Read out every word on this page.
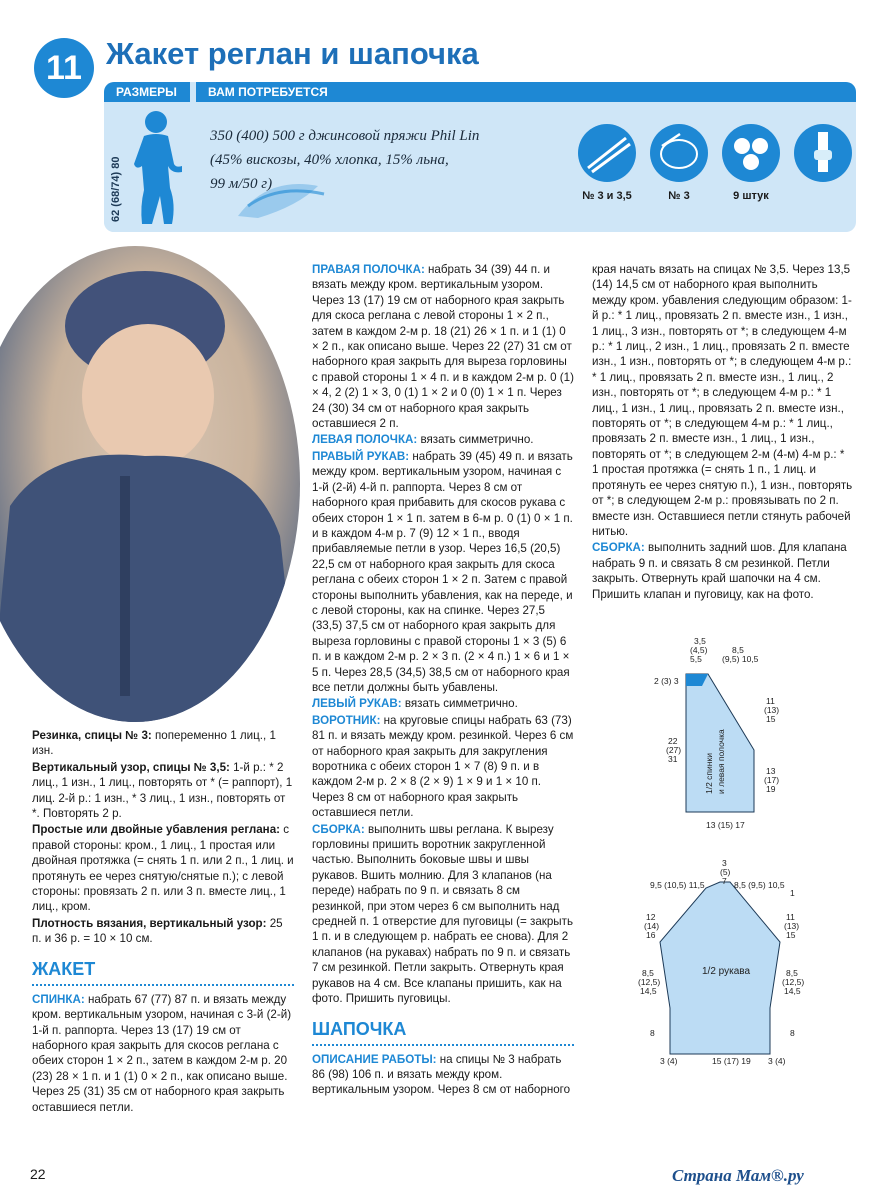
11 Жакет реглан и шапочка
РАЗМЕРЫ	ВАМ ПОТРЕБУЕТСЯ
62 (68/74) 80
350 (400) 500 г джинсовой пряжи Phil Lin
(45% вискозы, 40% хлопка, 15% льна,
99 м/50 г)
№ 3 и 3,5	№ 3	9 штук

Резинка, спицы № 3: попеременно 1 лиц., 1 изн.

Вертикальный узор, спицы № 3,5: 1-й р.: * 2 лиц., 1 изн., 1 лиц., повторять от * (= раппорт), 1 лиц. 2-й р.: 1 изн., * 3 лиц., 1 изн., повторять от *. Повторять 2 р.

Простые или двойные убавления реглана: с правой стороны: кром., 1 лиц., 1 простая или двойная протяжка (= снять 1 п. или 2 п., 1 лиц. и протянуть ее через снятую/снятые п.); с левой стороны: провязать 2 п. или 3 п. вместе лиц., 1 лиц., кром.

Плотность вязания, вертикальный узор: 25 п. и 36 р. = 10 × 10 см.

ЖАКЕТ

СПИНКА: набрать 67 (77) 87 п. и вязать между кром. вертикальным узором, начиная с 3-й (2-й) 1-й п. раппорта. Через 13 (17) 19 см от наборного края закрыть для скосов реглана с обеих сторон 1 × 2 п., затем в каждом 2-м р. 20 (23) 28 × 1 п. и 1 (1) 0 × 2 п., как описано выше. Через 25 (31) 35 см от наборного края закрыть оставшиеся петли.

ПРАВАЯ ПОЛОЧКА: набрать 34 (39) 44 п. и вязать между кром. вертикальным узором. Через 13 (17) 19 см от наборного края закрыть для скоса реглана с левой стороны 1 × 2 п., затем в каждом 2-м р. 18 (21) 26 × 1 п. и 1 (1) 0 × 2 п., как описано выше. Через 22 (27) 31 см от наборного края закрыть для выреза горловины с правой стороны 1 × 4 п. и в каждом 2-м р. 0 (1) × 4, 2 (2) 1 × 3, 0 (1) 1 × 2 и 0 (0) 1 × 1 п. Через 24 (30) 34 см от наборного края закрыть оставшиеся 2 п.

ЛЕВАЯ ПОЛОЧКА: вязать симметрично.

ПРАВЫЙ РУКАВ: набрать 39 (45) 49 п. и вязать между кром. вертикальным узором, начиная с 1-й (2-й) 4-й п. раппорта. Через 8 см от наборного края прибавить для скосов рукава с обеих сторон 1 × 1 п. затем в 6-м р. 0 (1) 0 × 1 п. и в каждом 4-м р. 7 (9) 12 × 1 п., вводя прибавляемые петли в узор. Через 16,5 (20,5) 22,5 см от наборного края закрыть для скоса реглана с обеих сторон 1 × 2 п. Затем с правой стороны выполнить убавления, как на переде, и с левой стороны, как на спинке. Через 27,5 (33,5) 37,5 см от наборного края закрыть для выреза горловины с правой стороны 1 × 3 (5) 6 п. и в каждом 2-м р. 2 × 3 п. (2 × 4 п.) 1 × 6 и 1 × 5 п. Через 28,5 (34,5) 38,5 см от наборного края все петли должны быть убавлены.

ЛЕВЫЙ РУКАВ: вязать симметрично.

ВОРОТНИК: на круговые спицы набрать 63 (73) 81 п. и вязать между кром. резинкой. Через 6 см от наборного края закрыть для закругления воротника с обеих сторон 1 × 7 (8) 9 п. и в каждом 2-м р. 2 × 8 (2 × 9) 1 × 9 и 1 × 10 п. Через 8 см от наборного края закрыть оставшиеся петли.

СБОРКА: выполнить швы реглана. К вырезу горловины пришить воротник закругленной частью. Выполнить боковые швы и швы рукавов. Вшить молнию. Для 3 клапанов (на переде) набрать по 9 п. и связать 8 см резинкой, при этом через 6 см выполнить над средней п. 1 отверстие для пуговицы (= закрыть 1 п. и в следующем р. набрать ее снова). Для 2 клапанов (на рукавах) набрать по 9 п. и связать 7 см резинкой. Петли закрыть. Отвернуть края рукавов на 4 см. Все клапаны пришить, как на фото. Пришить пуговицы.

ШАПОЧКА

ОПИСАНИЕ РАБОТЫ: на спицы № 3 набрать 86 (98) 106 п. и вязать между кром. вертикальным узором. Через 8 см от наборного

края начать вязать на спицах № 3,5. Через 13,5 (14) 14,5 см от наборного края выполнить между кром. убавления следующим образом: 1-й р.: * 1 лиц., провязать 2 п. вместе изн., 1 изн., 1 лиц., 3 изн., повторять от *; в следующем 4-м р.: * 1 лиц., 2 изн., 1 лиц., провязать 2 п. вместе изн., 1 изн., повторять от *; в следующем 4-м р.: * 1 лиц., провязать 2 п. вместе изн., 1 лиц., 2 изн., повторять от *; в следующем 4-м р.: * 1 лиц., 1 изн., 1 лиц., провязать 2 п. вместе изн., повторять от *; в следующем 4-м р.: * 1 лиц., провязать 2 п. вместе изн., 1 лиц., 1 изн., повторять от *; в следующем 2-м (4-м) 4-м р.: * 1 простая протяжка (= снять 1 п., 1 лиц. и протянуть ее через снятую п.), 1 изн., повторять от *; в следующем 2-м р.: провязывать по 2 п. вместе изн. Оставшиеся петли стянуть рабочей нитью.

СБОРКА: выполнить задний шов. Для клапана набрать 9 п. и связать 8 см резинкой. Петли закрыть. Отвернуть край шапочки на 4 см. Пришить клапан и пуговицу, как на фото.

3,5
(4,5)
5,5
8,5
(9,5) 10,5
2 (3) 3
22
(27)
31
11
(13)
15
13
(17)
19
13 (15) 17
1/2 спинки и левая полочка
3
(5)
7
9,5 (10,5) 11,5	8,5 (9,5) 10,5
12
(14)
16
1
11
(13)
15
8,5
(12,5)
14,5
8,5
(12,5)
14,5
8	8
3 (4)	15 (17) 19 3 (4)
1/2 рукава
22	Страна Мам®.ру
